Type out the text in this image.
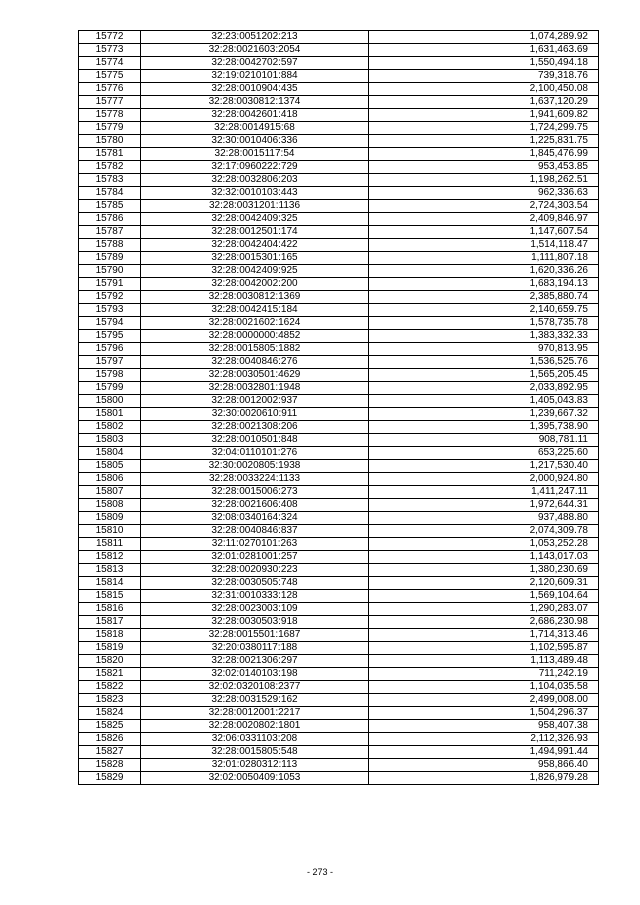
15772	32:23:0051202:213	1,074,289.92
15773	32:28:0021603:2054	1,631,463.69
15774	32:28:0042702:597	1,550,494.18
15775	32:19:0210101:884	739,318.76
15776	32:28:0010904:435	2,100,450.08
15777	32:28:0030812:1374	1,637,120.29
15778	32:28:0042601:418	1,941,609.82
15779	32:28:0014915:68	1,724,299.75
15780	32:30:0010406:336	1,225,831.75
15781	32:28:0015117:54	1,845,476.99
15782	32:17:0960222:729	953,453.85
15783	32:28:0032806:203	1,198,262.51
15784	32:32:0010103:443	962,336.63
15785	32:28:0031201:1136	2,724,303.54
15786	32:28:0042409:325	2,409,846.97
15787	32:28:0012501:174	1,147,607.54
15788	32:28:0042404:422	1,514,118.47
15789	32:28:0015301:165	1,111,807.18
15790	32:28:0042409:925	1,620,336.26
15791	32:28:0042002:200	1,683,194.13
15792	32:28:0030812:1369	2,385,880.74
15793	32:28:0042415:184	2,140,659.75
15794	32:28:0021602:1624	1,578,735.78
15795	32:28:0000000:4852	1,383,332.33
15796	32:28:0015805:1882	970,813.95
15797	32:28:0040846:276	1,536,525.76
15798	32:28:0030501:4629	1,565,205.45
15799	32:28:0032801:1948	2,033,892.95
15800	32:28:0012002:937	1,405,043.83
15801	32:30:0020610:911	1,239,667.32
15802	32:28:0021308:206	1,395,738.90
15803	32:28:0010501:848	908,781.11
15804	32:04:0110101:276	653,225.60
15805	32:30:0020805:1938	1,217,530.40
15806	32:28:0033224:1133	2,000,924.80
15807	32:28:0015006:273	1,411,247.11
15808	32:28:0021606:408	1,972,644.31
15809	32:08:0340164:324	937,488.80
15810	32:28:0040846:837	2,074,309.78
15811	32:11:0270101:263	1,053,252.28
15812	32:01:0281001:257	1,143,017.03
15813	32:28:0020930:223	1,380,230.69
15814	32:28:0030505:748	2,120,609.31
15815	32:31:0010333:128	1,569,104.64
15816	32:28:0023003:109	1,290,283.07
15817	32:28:0030503:918	2,686,230.98
15818	32:28:0015501:1687	1,714,313.46
15819	32:20:0380117:188	1,102,595.87
15820	32:28:0021306:297	1,113,489.48
15821	32:02:0140103:198	711,242.19
15822	32:02:0320108:2377	1,104,035.58
15823	32:28:0031529:162	2,499,008.00
15824	32:28:0012001:2217	1,504,296.37
15825	32:28:0020802:1801	958,407.38
15826	32:06:0331103:208	2,112,326.93
15827	32:28:0015805:548	1,494,991.44
15828	32:01:0280312:113	958,866.40
15829	32:02:0050409:1053	1,826,979.28
- 273 -
